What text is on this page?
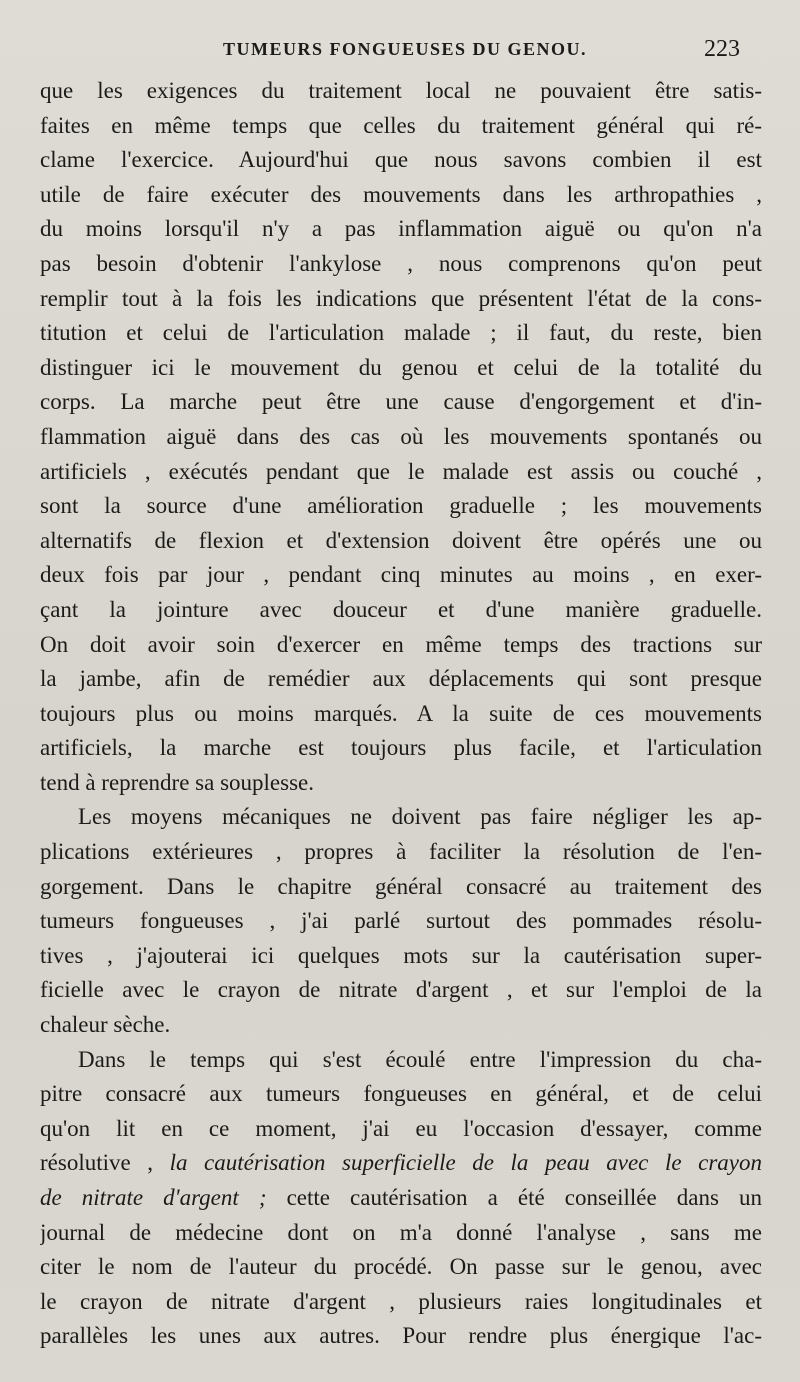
TUMEURS FONGUEUSES DU GENOU.	223
que les exigences du traitement local ne pouvaient être satis-
faites en même temps que celles du traitement général qui ré-
clame l'exercice. Aujourd'hui que nous savons combien il est
utile de faire exécuter des mouvements dans les arthropathies ,
du moins lorsqu'il n'y a pas inflammation aiguë ou qu'on n'a
pas besoin d'obtenir l'ankylose , nous comprenons qu'on peut
remplir tout à la fois les indications que présentent l'état de la cons-
titution et celui de l'articulation malade ; il faut, du reste, bien
distinguer ici le mouvement du genou et celui de la totalité du
corps. La marche peut être une cause d'engorgement et d'in-
flammation aiguë dans des cas où les mouvements spontanés ou
artificiels , exécutés pendant que le malade est assis ou couché ,
sont la source d'une amélioration graduelle ; les mouvements
alternatifs de flexion et d'extension doivent être opérés une ou
deux fois par jour , pendant cinq minutes au moins , en exer-
çant la jointure avec douceur et d'une manière graduelle.
On doit avoir soin d'exercer en même temps des tractions sur
la jambe, afin de remédier aux déplacements qui sont presque
toujours plus ou moins marqués. A la suite de ces mouvements
artificiels, la marche est toujours plus facile, et l'articulation
tend à reprendre sa souplesse.
Les moyens mécaniques ne doivent pas faire négliger les ap-
plications extérieures , propres à faciliter la résolution de l'en-
gorgement. Dans le chapitre général consacré au traitement des
tumeurs fongueuses , j'ai parlé surtout des pommades résolu-
tives , j'ajouterai ici quelques mots sur la cautérisation super-
ficielle avec le crayon de nitrate d'argent , et sur l'emploi de la
chaleur sèche.
Dans le temps qui s'est écoulé entre l'impression du cha-
pitre consacré aux tumeurs fongueuses en général, et de celui
qu'on lit en ce moment, j'ai eu l'occasion d'essayer, comme
résolutive , la cautérisation superficielle de la peau avec le crayon
de nitrate d'argent ; cette cautérisation a été conseillée dans un
journal de médecine dont on m'a donné l'analyse , sans me
citer le nom de l'auteur du procédé. On passe sur le genou, avec
le crayon de nitrate d'argent , plusieurs raies longitudinales et
parallèles les unes aux autres. Pour rendre plus énergique l'ac-
